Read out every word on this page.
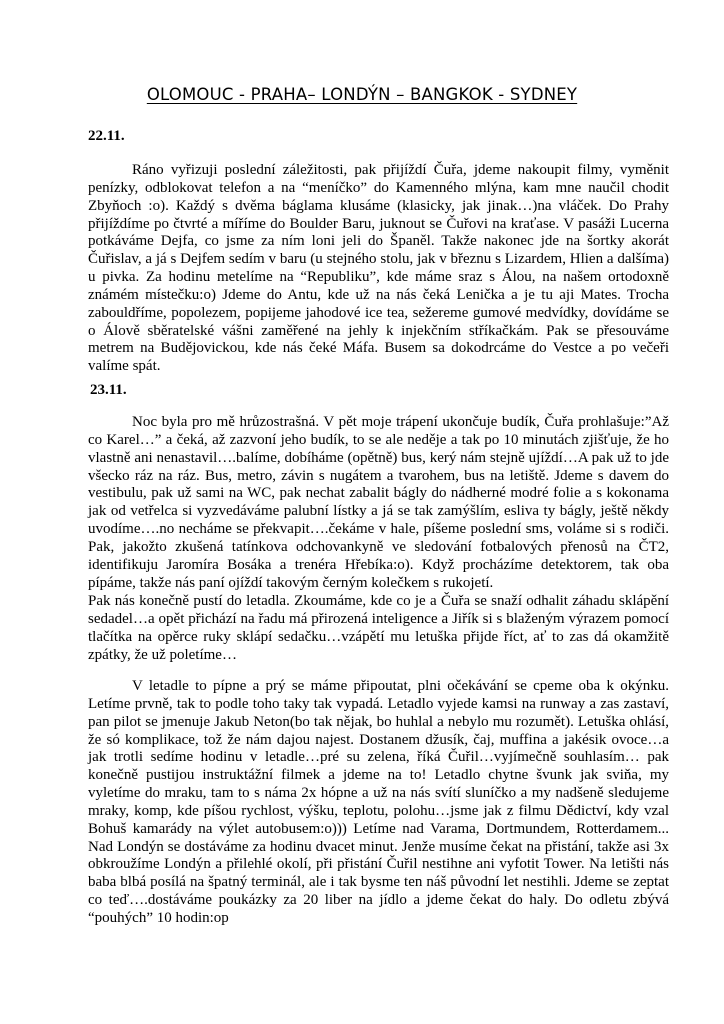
OLOMOUC - PRAHA– LONDÝN – BANGKOK - SYDNEY
22.11.

Ráno vyřizuji poslední záležitosti, pak přijíždí Čuřa, jdeme nakoupit filmy, vyměnit penízky, odblokovat telefon a na “meníčko” do Kamenného mlýna, kam mne naučil chodit Zbyňoch :o). Každý s dvěma báglama klusáme (klasicky, jak jinak…)na vláček. Do Prahy přijíždíme po čtvrté a míříme do Boulder Baru, juknout se Čuřovi na kraťase. V pasáži Lucerna potkáváme Dejfa, co jsme za ním loni jeli do Španěl. Takže nakonec jde na šortky akorát Čuřislav, a já s Dejfem sedím v baru (u stejného stolu, jak v březnu s Lizardem, Hlien a dalšíma) u pivka. Za hodinu metelíme na “Republiku”, kde máme sraz s Álou, na našem ortodoxně známém místečku:o) Jdeme do Antu, kde už na nás čeká Lenička a je tu aji Mates. Trocha zabouldříme, popolezem, popijeme jahodové ice tea, sežereme gumové medvídky, dovídáme se o Álově sběratelské vášni zaměřené na jehly k injekčním stříkačkám. Pak se přesouváme metrem na Budějovickou, kde nás čeké Máfa. Busem sa dokodrcáme do Vestce a po večeři valíme spát.

23.11.

Noc byla pro mě hrůzostrašná. V pět moje trápení ukončuje budík, Čuřa prohlašuje:”Až co Karel…” a čeká, až zazvoní jeho budík, to se ale neděje a tak po 10 minutách zjišťuje, že ho vlastně ani nenastavil….balíme, dobíháme (opětně) bus, kerý nám stejně ujíždí…A pak už to jde všecko ráz na ráz. Bus, metro, závin s nugátem a tvarohem, bus na letiště. Jdeme s davem do vestibulu, pak už sami na WC, pak nechat zabalit bágly do nádherné modré folie a s kokonama jak od vetřelca si vyzvedáváme palubní lístky a já se tak zamýšlím, esliva ty bágly, ještě někdy uvodíme….no necháme se překvapit….čekáme v hale, píšeme poslední sms, voláme si s rodiči. Pak, jakožto zkušená tatínkova odchovankyně ve sledování fotbalových přenosů na ČT2, identifikuju Jaromíra Bosáka a trenéra Hřebíka:o). Když procházíme detektorem, tak oba pípáme, takže nás paní ojíždí takovým černým kolečkem s rukojetí.

Pak nás konečně pustí do letadla. Zkoumáme, kde co je a Čuřa se snaží odhalit záhadu sklápění sedadel…a opět přichází na řadu má přirozená inteligence a Jiřík si s blaženým výrazem pomocí tlačítka na opěrce ruky sklápí sedačku…vzápětí mu letuška přijde říct, ať to zas dá okamžitě zpátky, že už poletíme…

V letadle to pípne a prý se máme připoutat, plni očekávání se cpeme oba k okýnku. Letíme prvně, tak to podle toho taky tak vypadá. Letadlo vyjede kamsi na runway a zas zastaví, pan pilot se jmenuje Jakub Neton(bo tak nějak, bo huhlal a nebylo mu rozumět). Letuška ohlásí, že só komplikace, tož že nám dajou najest. Dostanem džusík, čaj, muffina a jakésik ovoce…a jak trotli sedíme hodinu v letadle…pré su zelena, říká Čuřil…vyjímečně souhlasím… pak konečně pustijou instruktážní filmek a jdeme na to! Letadlo chytne švunk jak sviňa, my vyletíme do mraku, tam to s náma 2x hópne a už na nás svítí sluníčko a my nadšeně sledujeme mraky, komp, kde píšou rychlost, výšku, teplotu, polohu…jsme jak z filmu Dědictví, kdy vzal Bohuš kamarády na výlet autobusem:o))) Letíme nad Varama, Dortmundem, Rotterdamem... Nad Londýn se dostáváme za hodinu dvacet minut. Jenže musíme čekat na přistání, takže asi 3x obkroužíme Londýn a přilehlé okolí, při přistání Čuřil nestihne ani vyfotit Tower. Na letišti nás baba blbá posílá na špatný terminál, ale i tak bysme ten náš původní let nestihli. Jdeme se zeptat co teď….dostáváme poukázky za 20 liber na jídlo a jdeme čekat do haly. Do odletu zbývá “pouhých” 10 hodin:op
